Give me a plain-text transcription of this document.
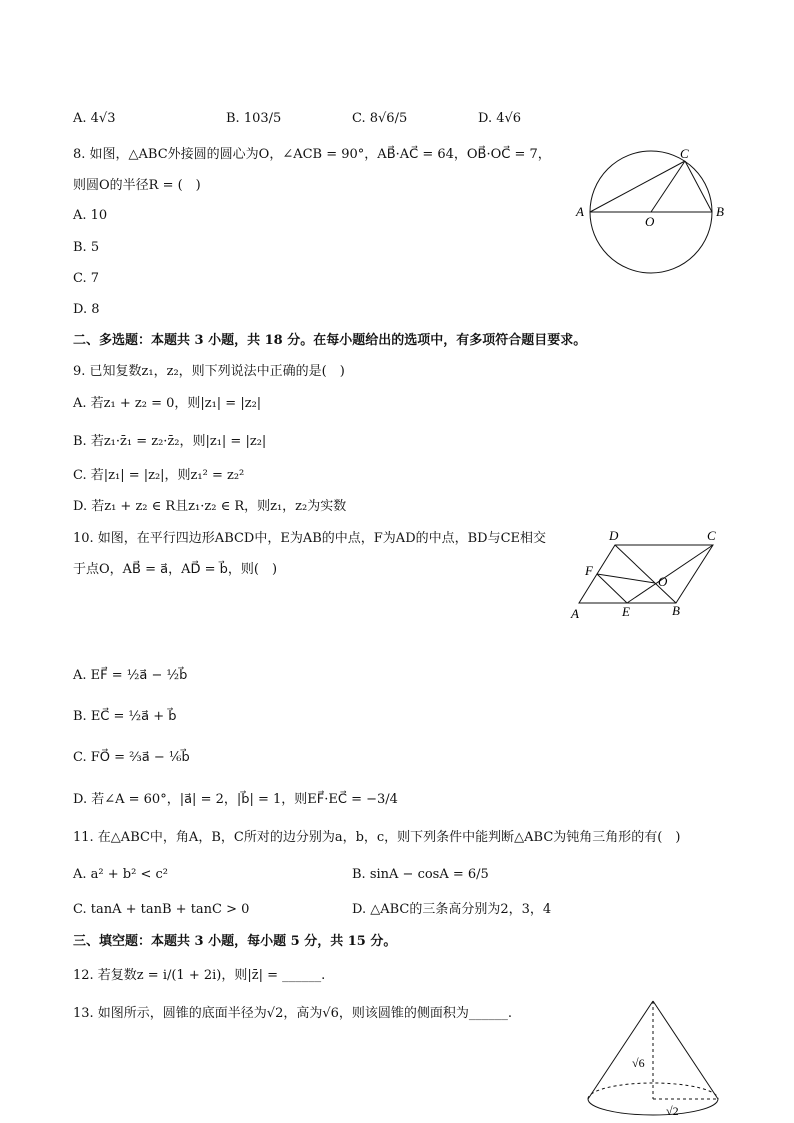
A. 4√3	B. 103/5	C. 8√6/5	D. 4√6
8. 如图，△ABC外接圆的圆心为O，∠ACB = 90°，AB⃗·AC⃗ = 64，OB⃗·OC⃗ = 7，
则圆O的半径R = (　)
A. 10
B. 5
C. 7
D. 8
A	B
C
O
二、多选题：本题共 3 小题，共 18 分。在每小题给出的选项中，有多项符合题目要求。
9. 已知复数z₁，z₂，则下列说法中正确的是(　)
A. 若z₁ + z₂ = 0，则|z₁| = |z₂|
B. 若z₁·z̄₁ = z₂·z̄₂，则|z₁| = |z₂|
C. 若|z₁| = |z₂|，则z₁² = z₂²
D. 若z₁ + z₂ ∈ R且z₁·z₂ ∈ R，则z₁，z₂为实数
10. 如图，在平行四边形ABCD中，E为AB的中点，F为AD的中点，BD与CE相交
于点O，AB⃗ = a⃗，AD⃗ = b⃗，则(　)
D	C
F
O
A	E	B
A. EF⃗ = ½a⃗ − ½b⃗
B. EC⃗ = ½a⃗ + b⃗
C. FO⃗ = ⅔a⃗ − ⅙b⃗
D. 若∠A = 60°，|a⃗| = 2，|b⃗| = 1，则EF⃗·EC⃗ = −3/4
11. 在△ABC中，角A，B，C所对的边分别为a，b，c，则下列条件中能判断△ABC为钝角三角形的有(　)
A. a² + b² < c²	B. sinA − cosA = 6/5
C. tanA + tanB + tanC > 0	D. △ABC的三条高分别为2，3，4
三、填空题：本题共 3 小题，每小题 5 分，共 15 分。
12. 若复数z = i/(1 + 2i)，则|z̄| = ______.
13. 如图所示，圆锥的底面半径为√2，高为√6，则该圆锥的侧面积为______.
√6
√2
